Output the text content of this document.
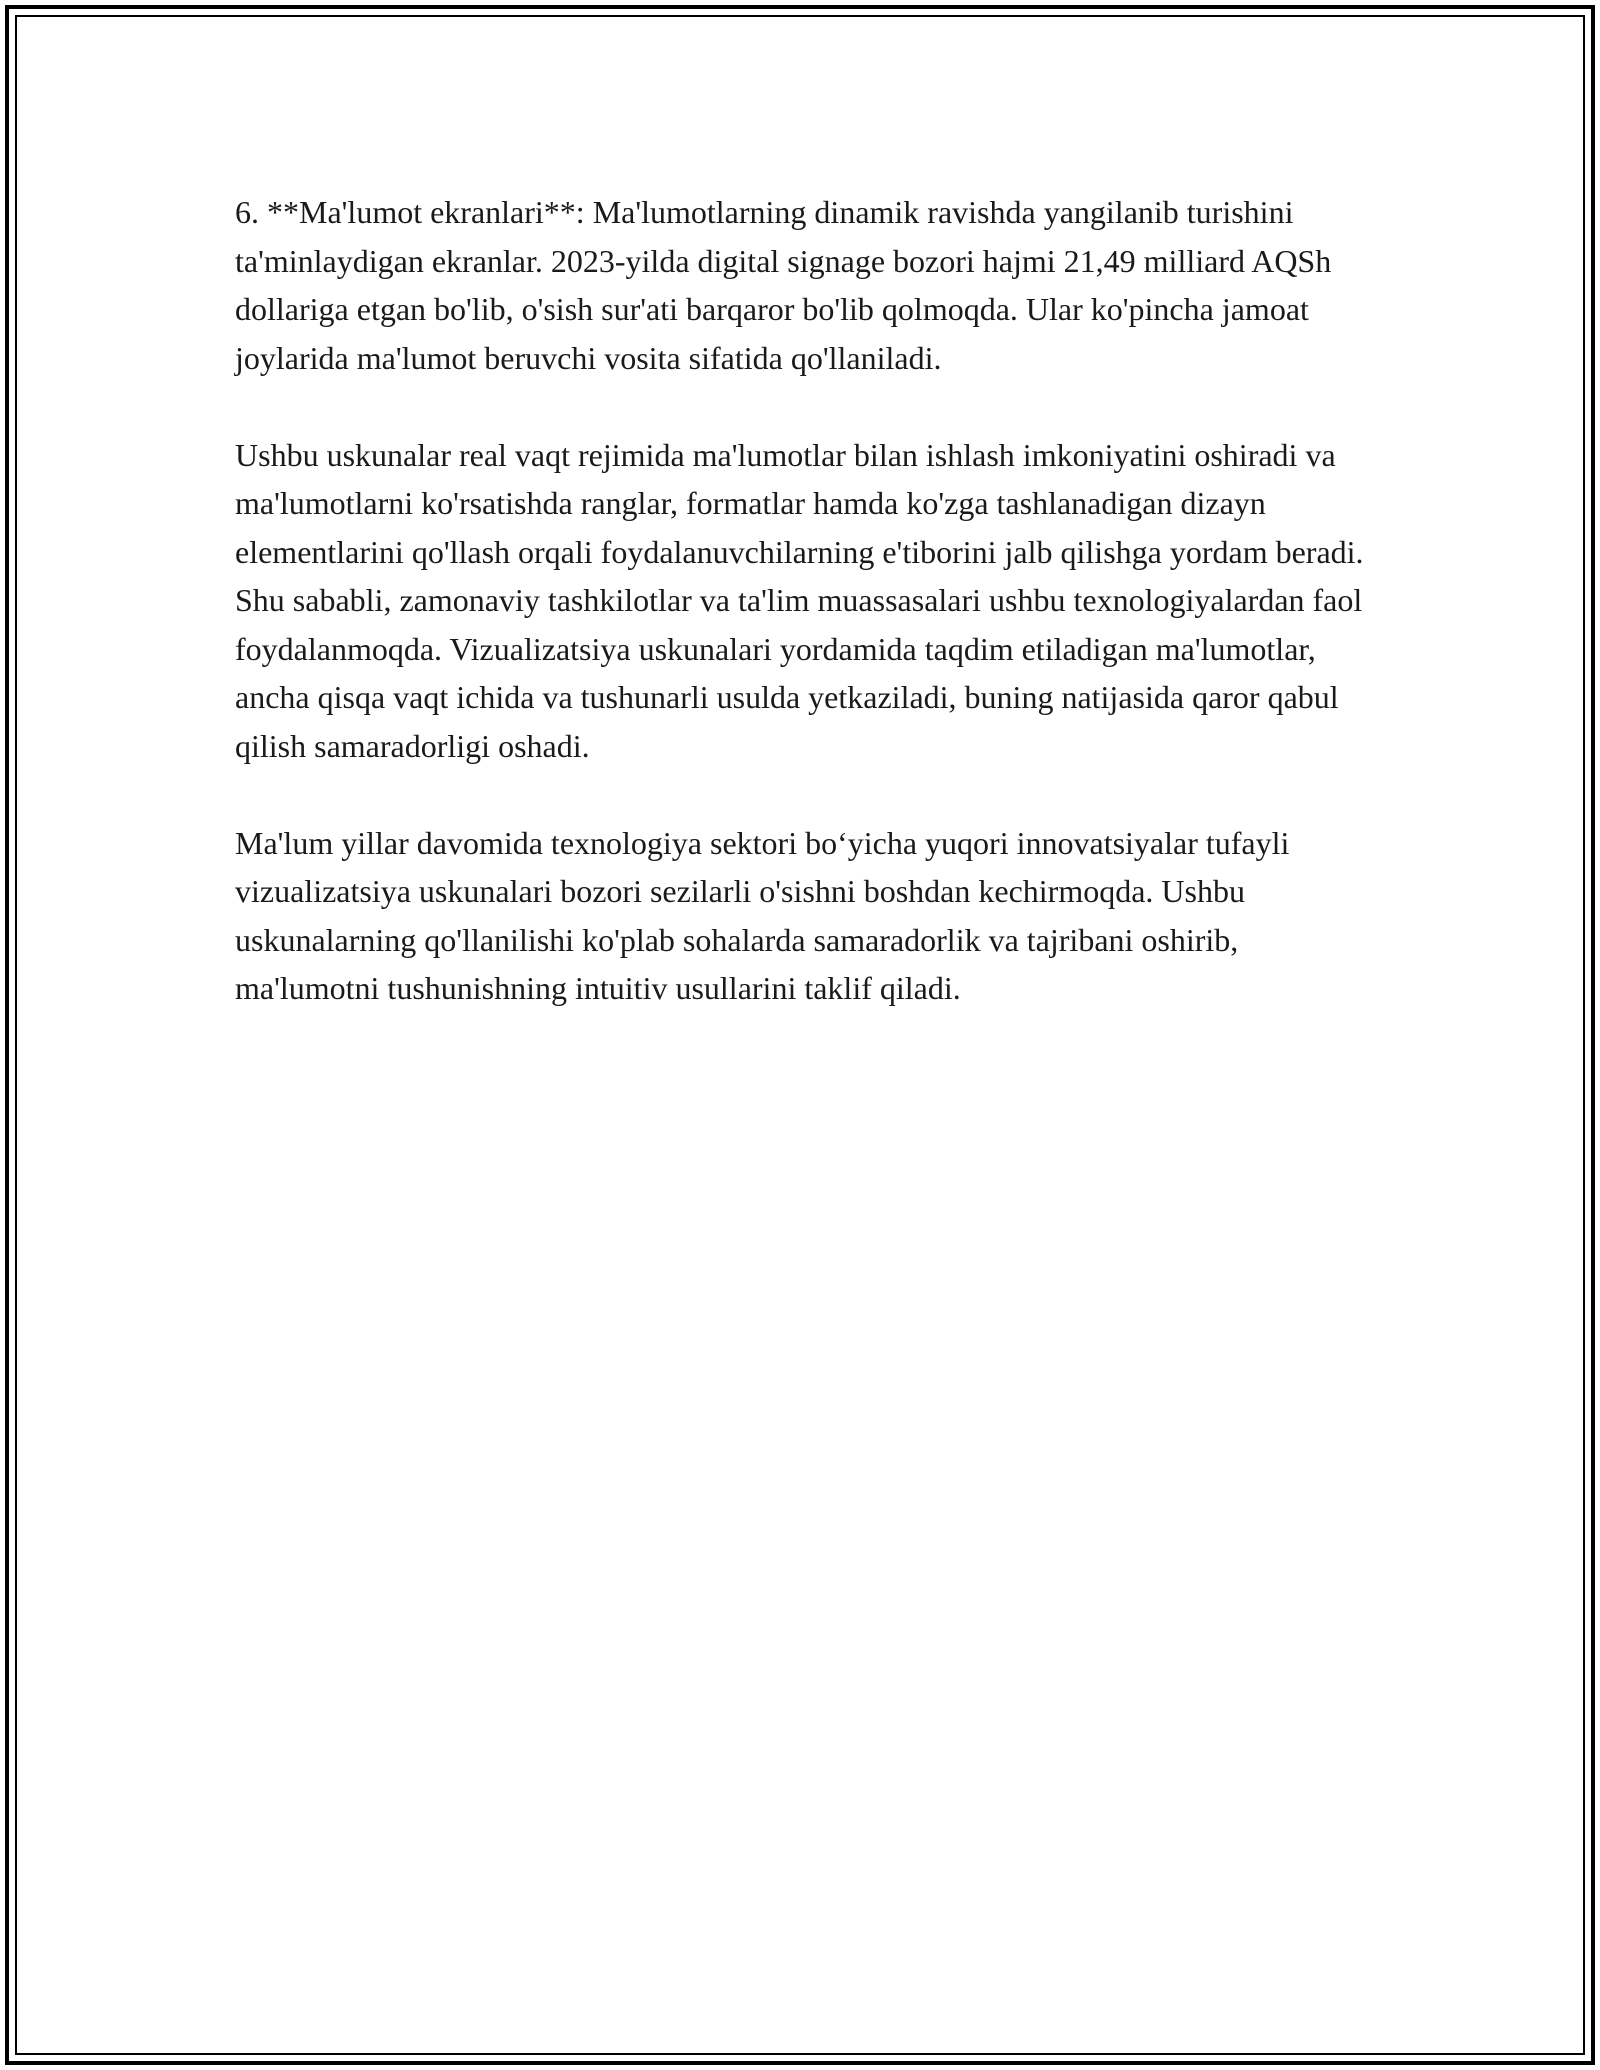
6. **Ma'lumot ekranlari**: Ma'lumotlarning dinamik ravishda yangilanib turishini ta'minlaydigan ekranlar. 2023-yilda digital signage bozori hajmi 21,49 milliard AQSh dollariga etgan bo'lib, o'sish sur'ati barqaror bo'lib qolmoqda. Ular ko'pincha jamoat joylarida ma'lumot beruvchi vosita sifatida qo'llaniladi.

Ushbu uskunalar real vaqt rejimida ma'lumotlar bilan ishlash imkoniyatini oshiradi va ma'lumotlarni ko'rsatishda ranglar, formatlar hamda ko'zga tashlanadigan dizayn elementlarini qo'llash orqali foydalanuvchilarning e'tiborini jalb qilishga yordam beradi. Shu sababli, zamonaviy tashkilotlar va ta'lim muassasalari ushbu texnologiyalardan faol foydalanmoqda. Vizualizatsiya uskunalari yordamida taqdim etiladigan ma'lumotlar, ancha qisqa vaqt ichida va tushunarli usulda yetkaziladi, buning natijasida qaror qabul qilish samaradorligi oshadi.

Ma'lum yillar davomida texnologiya sektori bo‘yicha yuqori innovatsiyalar tufayli vizualizatsiya uskunalari bozori sezilarli o'sishni boshdan kechirmoqda. Ushbu uskunalarning qo'llanilishi ko'plab sohalarda samaradorlik va tajribani oshirib, ma'lumotni tushunishning intuitiv usullarini taklif qiladi.
